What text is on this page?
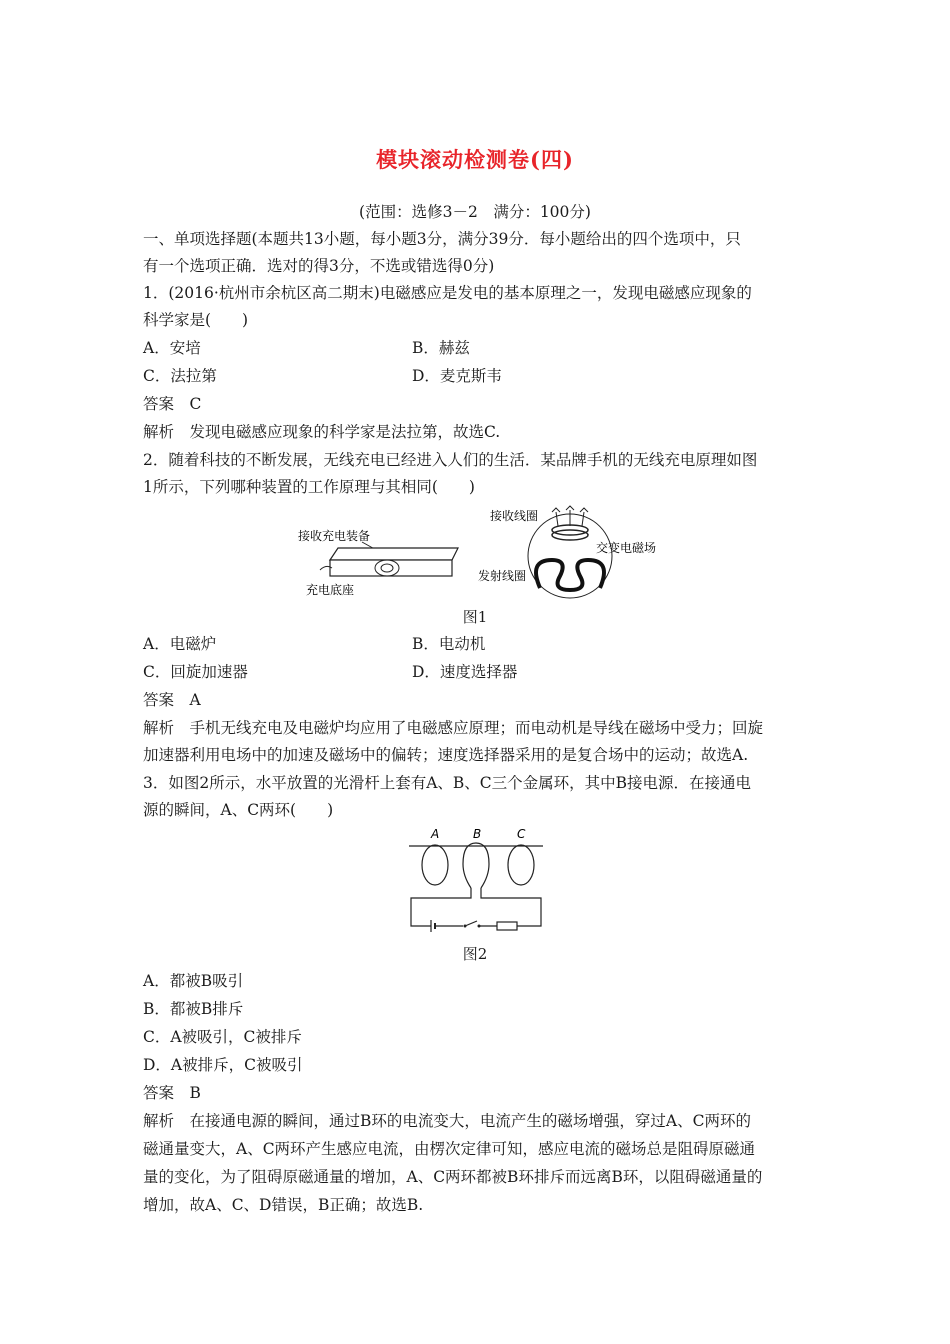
模块滚动检测卷(四)
(范围：选修3－2　满分：100分)
一、单项选择题(本题共13小题，每小题3分，满分39分．每小题给出的四个选项中，只
有一个选项正确．选对的得3分，不选或错选得0分)
1．(2016·杭州市余杭区高二期末)电磁感应是发电的基本原理之一，发现电磁感应现象的
科学家是(　　)
A．安培	B．赫兹
C．法拉第	D．麦克斯韦
答案　C
解析　发现电磁感应现象的科学家是法拉第，故选C.
2．随着科技的不断发展，无线充电已经进入人们的生活．某品牌手机的无线充电原理如图
1所示，下列哪种装置的工作原理与其相同(　　)
接收充电装备
充电底座
接收线圈
交变电磁场
发射线圈
图1
A．电磁炉	B．电动机
C．回旋加速器	D．速度选择器
答案　A
解析　手机无线充电及电磁炉均应用了电磁感应原理；而电动机是导线在磁场中受力；回旋
加速器利用电场中的加速及磁场中的偏转；速度选择器采用的是复合场中的运动；故选A.
3．如图2所示，水平放置的光滑杆上套有A、B、C三个金属环，其中B接电源．在接通电
源的瞬间，A、C两环(　　)
A	B	C
图2
A．都被B吸引
B．都被B排斥
C．A被吸引，C被排斥
D．A被排斥，C被吸引
答案　B
解析　在接通电源的瞬间，通过B环的电流变大，电流产生的磁场增强，穿过A、C两环的
磁通量变大，A、C两环产生感应电流，由楞次定律可知，感应电流的磁场总是阻碍原磁通
量的变化，为了阻碍原磁通量的增加，A、C两环都被B环排斥而远离B环，以阻碍磁通量的
增加，故A、C、D错误，B正确；故选B.
